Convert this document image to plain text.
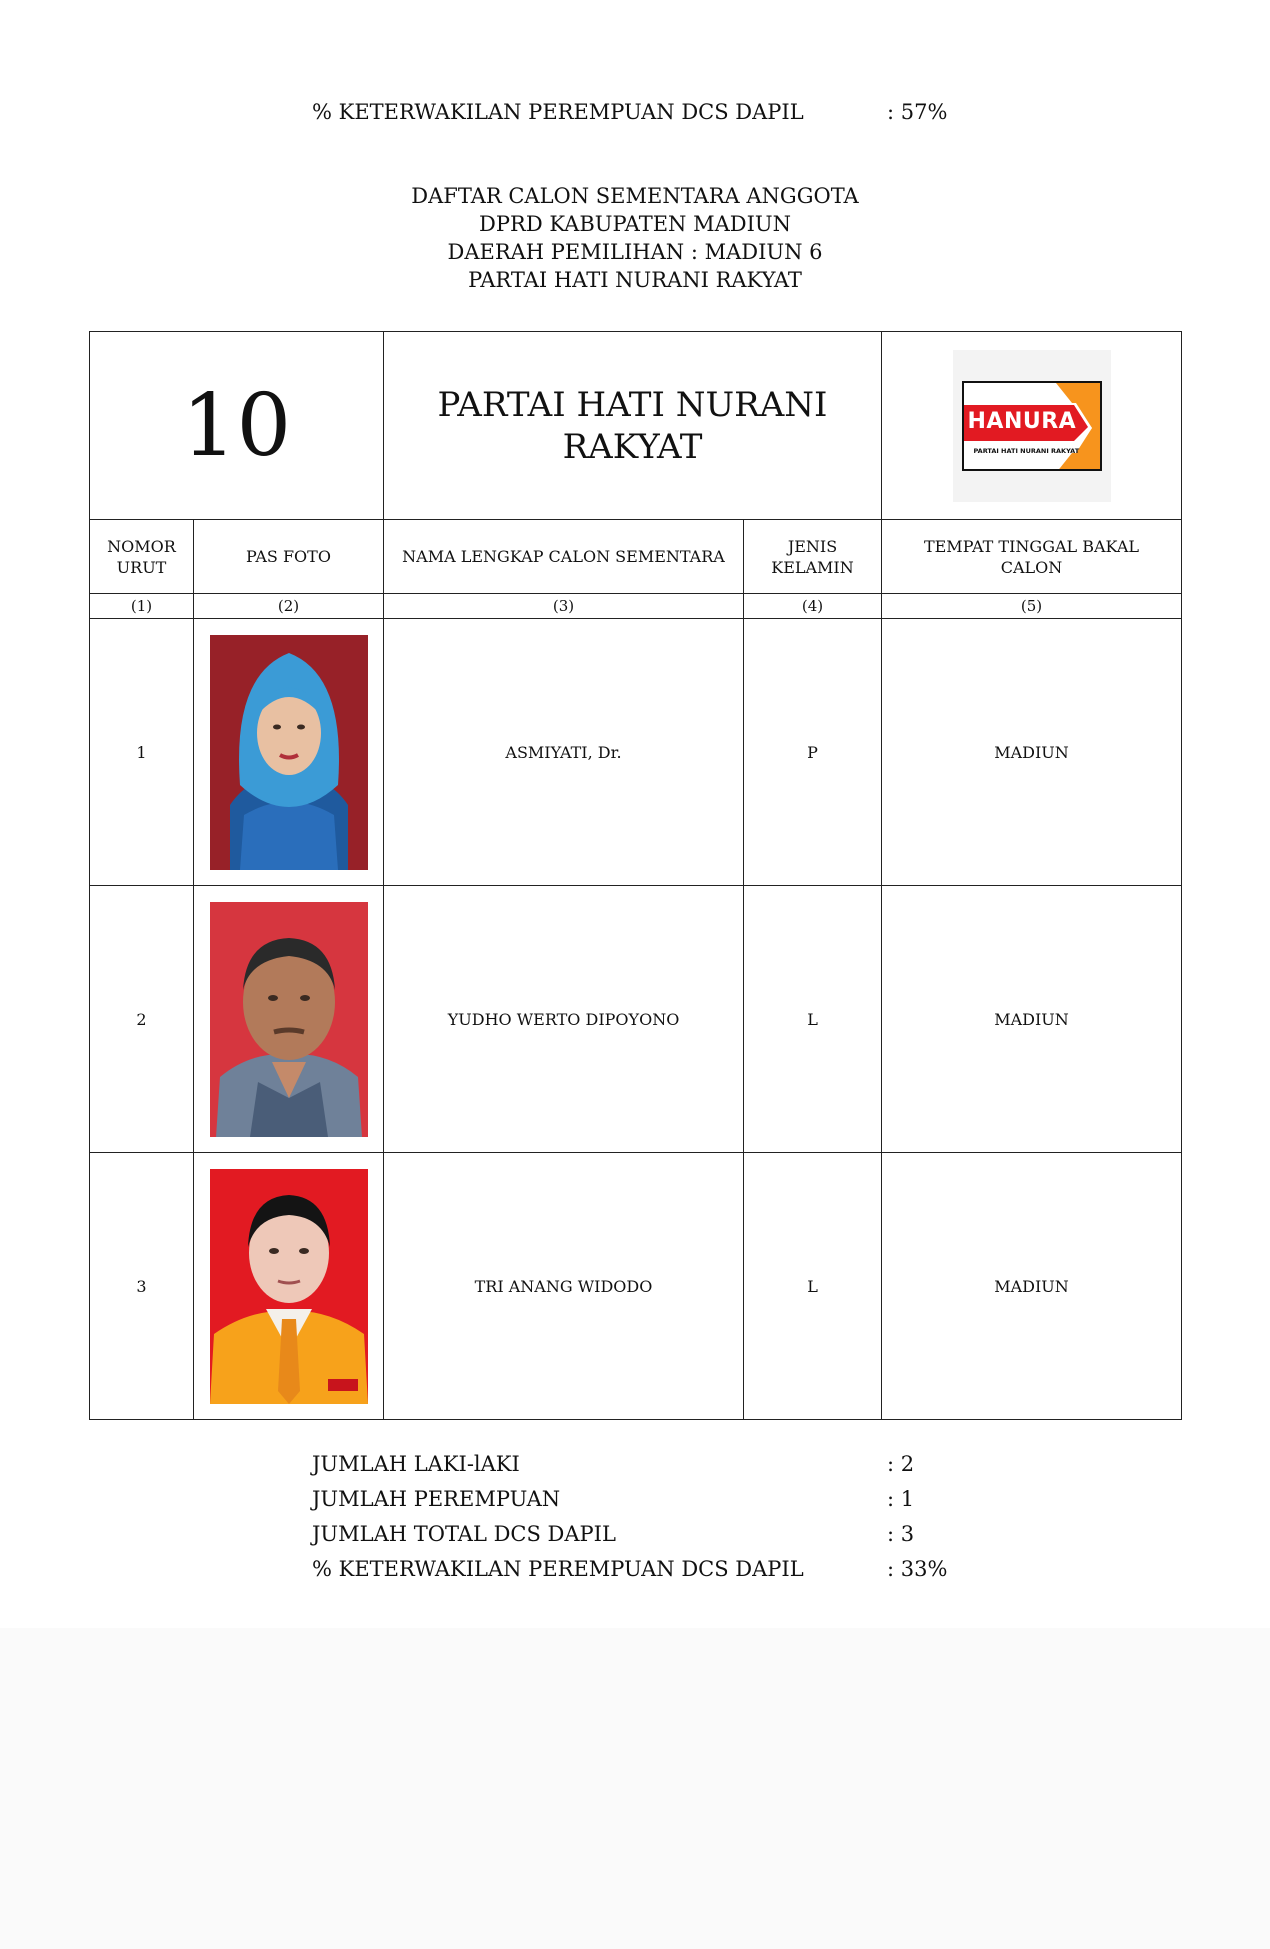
% KETERWAKILAN PEREMPUAN DCS DAPIL	: 57%
DAFTAR CALON SEMENTARA ANGGOTA
DPRD KABUPATEN MADIUN
DAERAH PEMILIHAN : MADIUN 6
PARTAI HATI NURANI RAKYAT
10		PARTAI HATI NURANI RAKYAT		HANURA
PARTAI HATI NURANI RAKYAT

NOMOR URUT	PAS FOTO	NAMA LENGKAP CALON SEMENTARA	JENIS KELAMIN	TEMPAT TINGGAL BAKAL CALON
(1)	(2)	(3)	(4)	(5)
1		ASMIYATI, Dr.	P	MADIUN
2		YUDHO WERTO DIPOYONO	L	MADIUN
3		TRI ANANG WIDODO	L	MADIUN
JUMLAH LAKI-lAKI	: 2
JUMLAH PEREMPUAN	: 1
JUMLAH TOTAL DCS DAPIL	: 3
% KETERWAKILAN PEREMPUAN DCS DAPIL	: 33%
